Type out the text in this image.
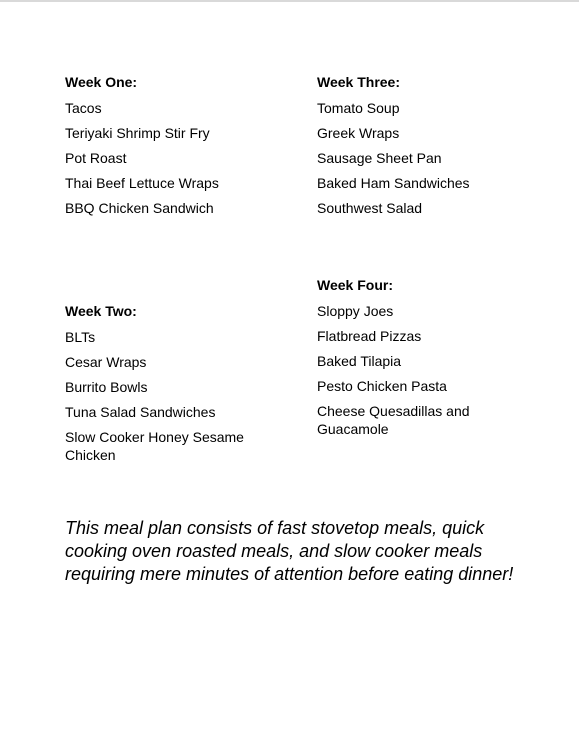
Week One:
Tacos
Teriyaki Shrimp Stir Fry
Pot Roast
Thai Beef Lettuce Wraps
BBQ Chicken Sandwich
Week Three:
Tomato Soup
Greek Wraps
Sausage Sheet Pan
Baked Ham Sandwiches
Southwest Salad
Week Two:
BLTs
Cesar Wraps
Burrito Bowls
Tuna Salad Sandwiches
Slow Cooker Honey Sesame Chicken
Week Four:
Sloppy Joes
Flatbread Pizzas
Baked Tilapia
Pesto Chicken Pasta
Cheese Quesadillas and Guacamole

This meal plan consists of fast stovetop meals, quick cooking oven roasted meals, and slow cooker meals requiring mere minutes of attention before eating dinner!
